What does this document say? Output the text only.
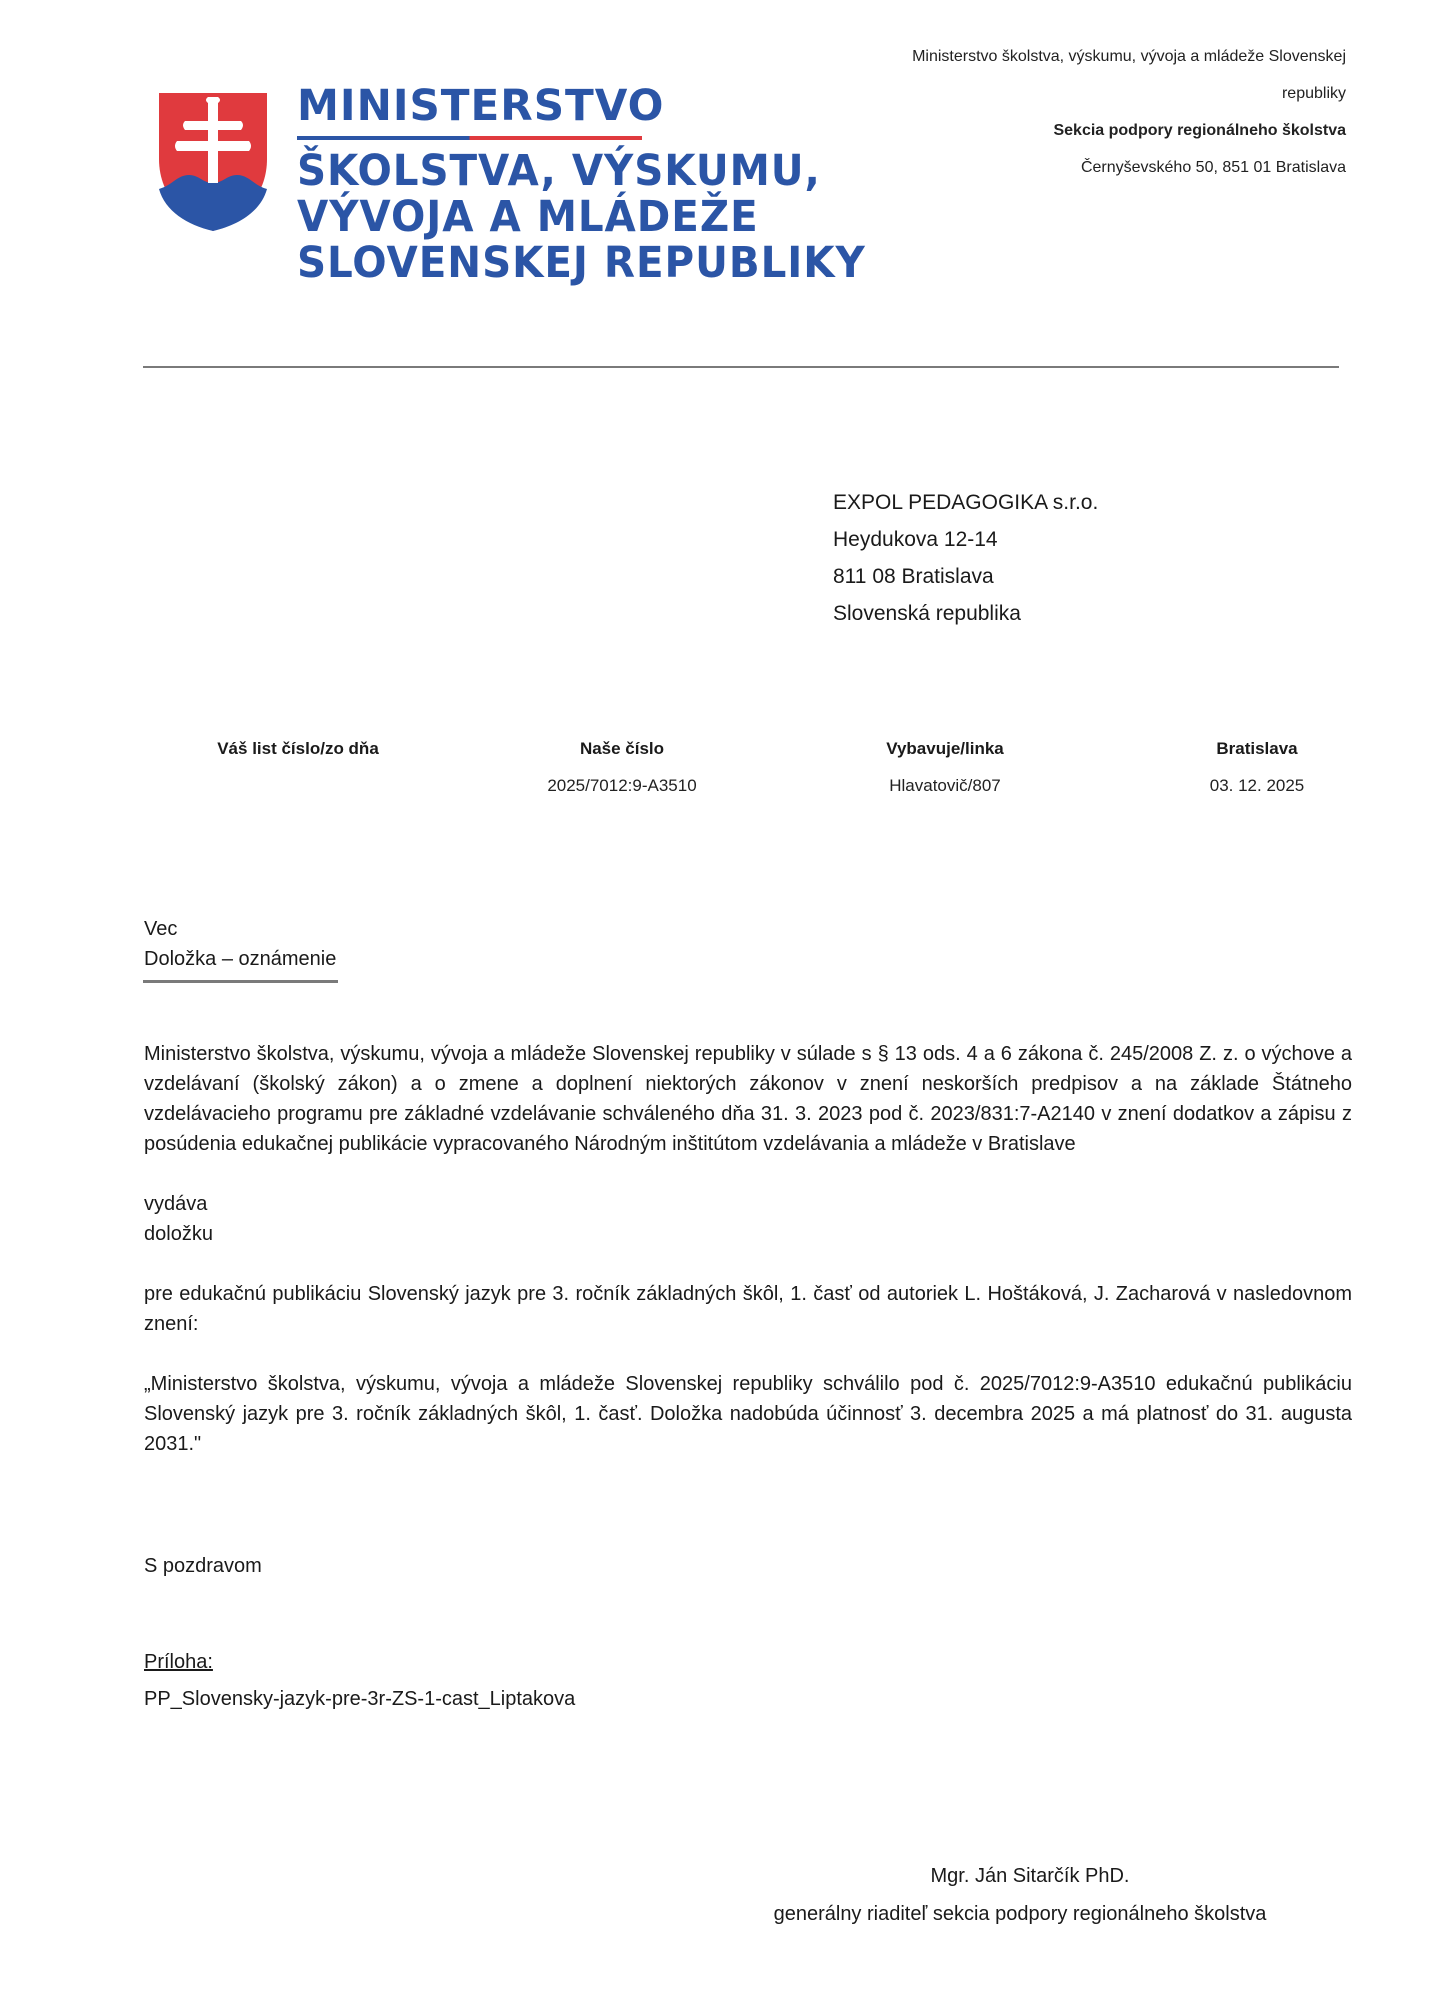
MINISTERSTVO
ŠKOLSTVA, VÝSKUMU,
VÝVOJA A MLÁDEŽE
SLOVENSKEJ REPUBLIKY
Ministerstvo školstva, výskumu, vývoja a mládeže Slovenskej
republiky
Sekcia podpory regionálneho školstva
Černyševského 50, 851 01 Bratislava
EXPOL PEDAGOGIKA s.r.o.
Heydukova 12-14
811 08 Bratislava
Slovenská republika
Váš list číslo/zo dňa	Naše číslo
2025/7012:9-A3510
Vybavuje/linka
Hlavatovič/807
Bratislava
03. 12. 2025
Vec
Doložka – oznámenie

Ministerstvo školstva, výskumu, vývoja a mládeže Slovenskej republiky v súlade s § 13 ods. 4 a 6 zákona č. 245/2008 Z. z. o výchove a vzdelávaní (školský zákon) a o zmene a doplnení niektorých zákonov v znení neskorších predpisov a na základe Štátneho vzdelávacieho programu pre základné vzdelávanie schváleného dňa 31. 3. 2023 pod č. 2023/831:7-A2140 v znení dodatkov a zápisu z posúdenia edukačnej publikácie vypracovaného Národným inštitútom vzdelávania a mládeže v Bratislave

vydáva

doložku

pre edukačnú publikáciu Slovenský jazyk pre 3. ročník základných škôl, 1. časť od autoriek L. Hoštáková, J. Zacharová v nasledovnom znení:

„Ministerstvo školstva, výskumu, vývoja a mládeže Slovenskej republiky schválilo pod č. 2025/7012:9-A3510 edukačnú publikáciu Slovenský jazyk pre 3. ročník základných škôl, 1. časť. Doložka nadobúda účinnosť 3. decembra 2025 a má platnosť do 31. augusta 2031."

S pozdravom
Príloha:
PP_Slovensky-jazyk-pre-3r-ZS-1-cast_Liptakova
Mgr. Ján Sitarčík PhD.
generálny riaditeľ sekcia podpory regionálneho školstva
